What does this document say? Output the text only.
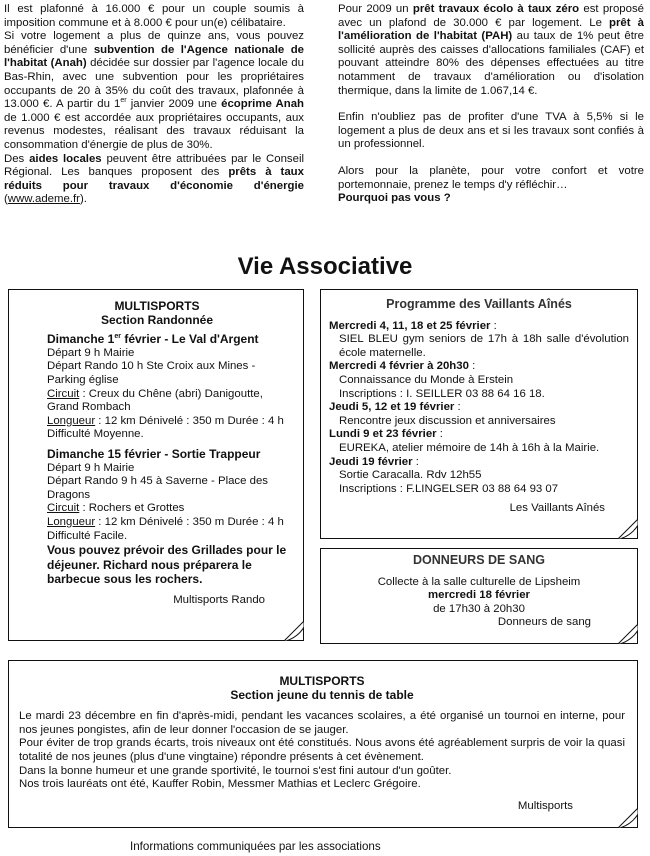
Il est plafonné à 16.000 € pour un couple soumis à imposition commune et à 8.000 € pour un(e) célibataire.

Si votre logement a plus de quinze ans, vous pouvez bénéficier d'une subvention de l'Agence nationale de l'habitat (Anah) décidée sur dossier par l'agence locale du Bas-Rhin, avec une subvention pour les propriétaires occupants de 20 à 35% du coût des travaux, plafonnée à 13.000 €. A partir du 1er janvier 2009 une écoprime Anah de 1.000 € est accordée aux propriétaires occupants, aux revenus modestes, réalisant des travaux réduisant la consommation d'énergie de plus de 30%.

Des aides locales peuvent être attribuées par le Conseil Régional. Les banques proposent des prêts à taux réduits pour travaux d'économie d'énergie (www.ademe.fr).

Pour 2009 un prêt travaux écolo à taux zéro est proposé avec un plafond de 30.000 € par logement. Le prêt à l'amélioration de l'habitat (PAH) au taux de 1% peut être sollicité auprès des caisses d'allocations familiales (CAF) et pouvant atteindre 80% des dépenses effectuées au titre notamment de travaux d'amélioration ou d'isolation thermique, dans la limite de 1.067,14 €.

Enfin n'oubliez pas de profiter d'une TVA à 5,5% si le logement a plus de deux ans et si les travaux sont confiés à un professionnel.

Alors pour la planète, pour votre confort et votre portemonnaie, prenez le temps d'y réfléchir…

Pourquoi pas vous ?

Vie Associative

MULTISPORTS

Section Randonnée

Dimanche 1er février - Le Val d'Argent

Départ 9 h Mairie

Départ Rando 10 h Ste Croix aux Mines - Parking église

Circuit : Creux du Chêne (abri) Danigoutte, Grand Rombach

Longueur : 12 km Dénivelé : 350 m Durée : 4 h

Difficulté Moyenne.

Dimanche 15 février - Sortie Trappeur

Départ 9 h Mairie

Départ Rando 9 h 45 à Saverne - Place des Dragons

Circuit : Rochers et Grottes

Longueur : 12 km Dénivelé : 350 m Durée : 4 h

Difficulté Facile.

Vous pouvez prévoir des Grillades pour le déjeuner. Richard nous préparera le barbecue sous les rochers.

Multisports Rando

Programme des Vaillants Aînés

Mercredi 4, 11, 18 et 25 février :

SIEL BLEU gym seniors de 17h à 18h salle d'évolution école maternelle.

Mercredi 4 février à 20h30 :

Connaissance du Monde à Erstein
Inscriptions : I. SEILLER 03 88 64 16 18.

Jeudi 5, 12 et 19 février :

Rencontre jeux discussion et anniversaires

Lundi 9 et 23 février :

EUREKA, atelier mémoire de 14h à 16h à la Mairie.

Jeudi 19 février :

Sortie Caracalla. Rdv 12h55
Inscriptions : F.LINGELSER 03 88 64 93 07

Les Vaillants Aînés

DONNEURS DE SANG

Collecte à la salle culturelle de Lipsheim

mercredi 18 février

de 17h30 à 20h30

Donneurs de sang

MULTISPORTS

Section jeune du tennis de table

Le mardi 23 décembre en fin d'après-midi, pendant les vacances scolaires, a été organisé un tournoi en interne, pour nos jeunes pongistes, afin de leur donner l'occasion de se jauger.

Pour éviter de trop grands écarts, trois niveaux ont été constitués. Nous avons été agréablement surpris de voir la quasi totalité de nos jeunes (plus d'une vingtaine) répondre présents à cet évènement.

Dans la bonne humeur et une grande sportivité, le tournoi s'est fini autour d'un goûter.

Nos trois lauréats ont été, Kauffer Robin, Messmer Mathias et Leclerc Grégoire.

Multisports

Informations communiquées par les associations
